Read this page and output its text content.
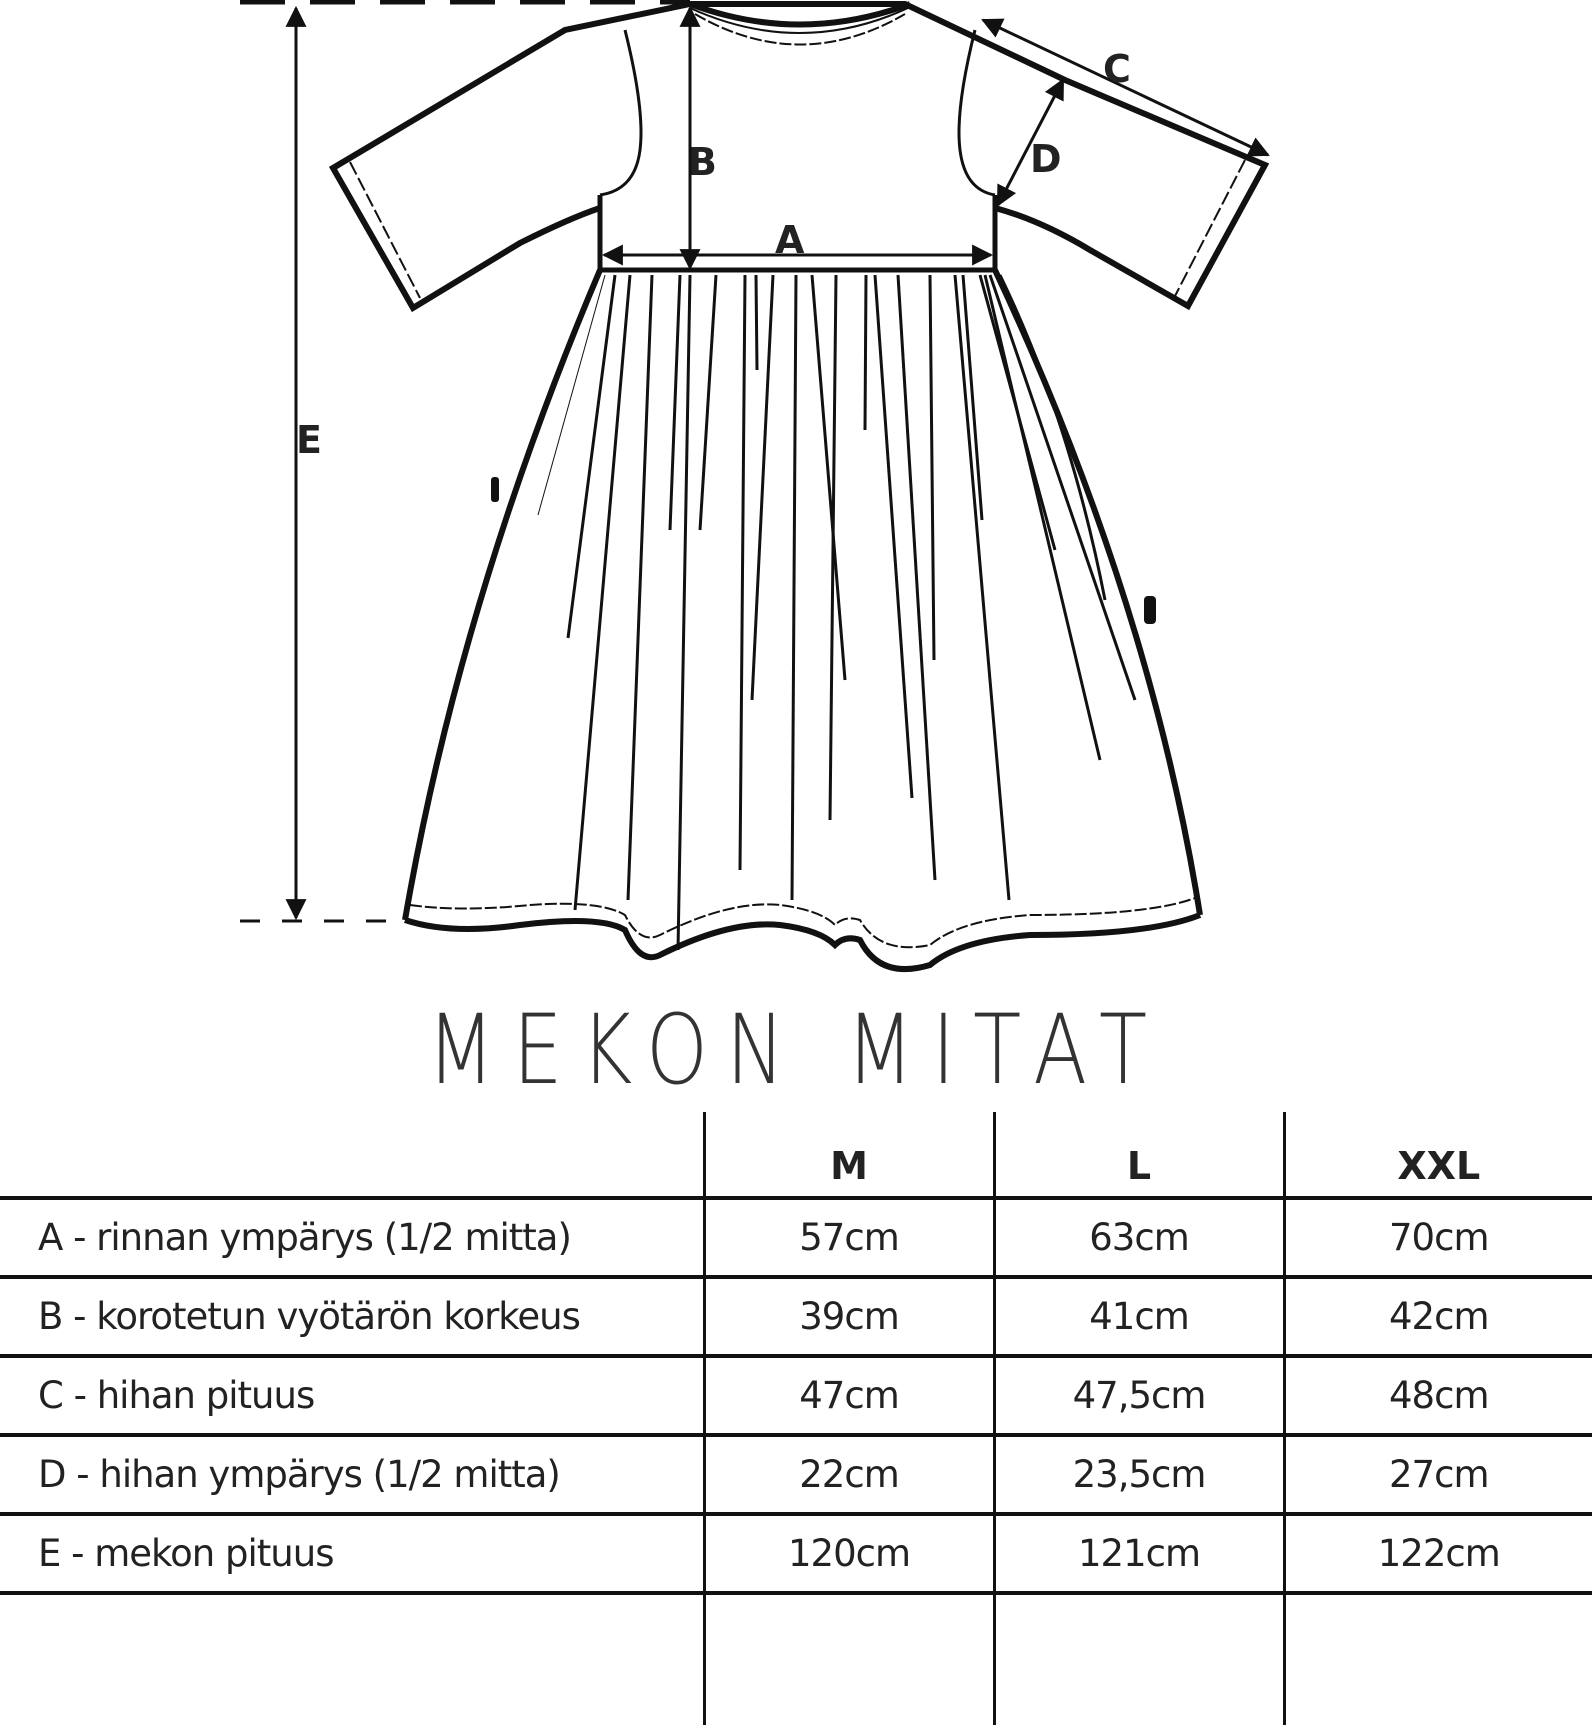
E
A
B
C
D
MEKON MITAT
	M	L	XXL
A - rinnan ympärys (1/2 mitta)	57cm	63cm	70cm
B - korotetun vyötärön korkeus	39cm	41cm	42cm
C - hihan pituus	47cm	47,5cm	48cm
D - hihan ympärys (1/2 mitta)	22cm	23,5cm	27cm
E - mekon pituus	120cm	121cm	122cm
